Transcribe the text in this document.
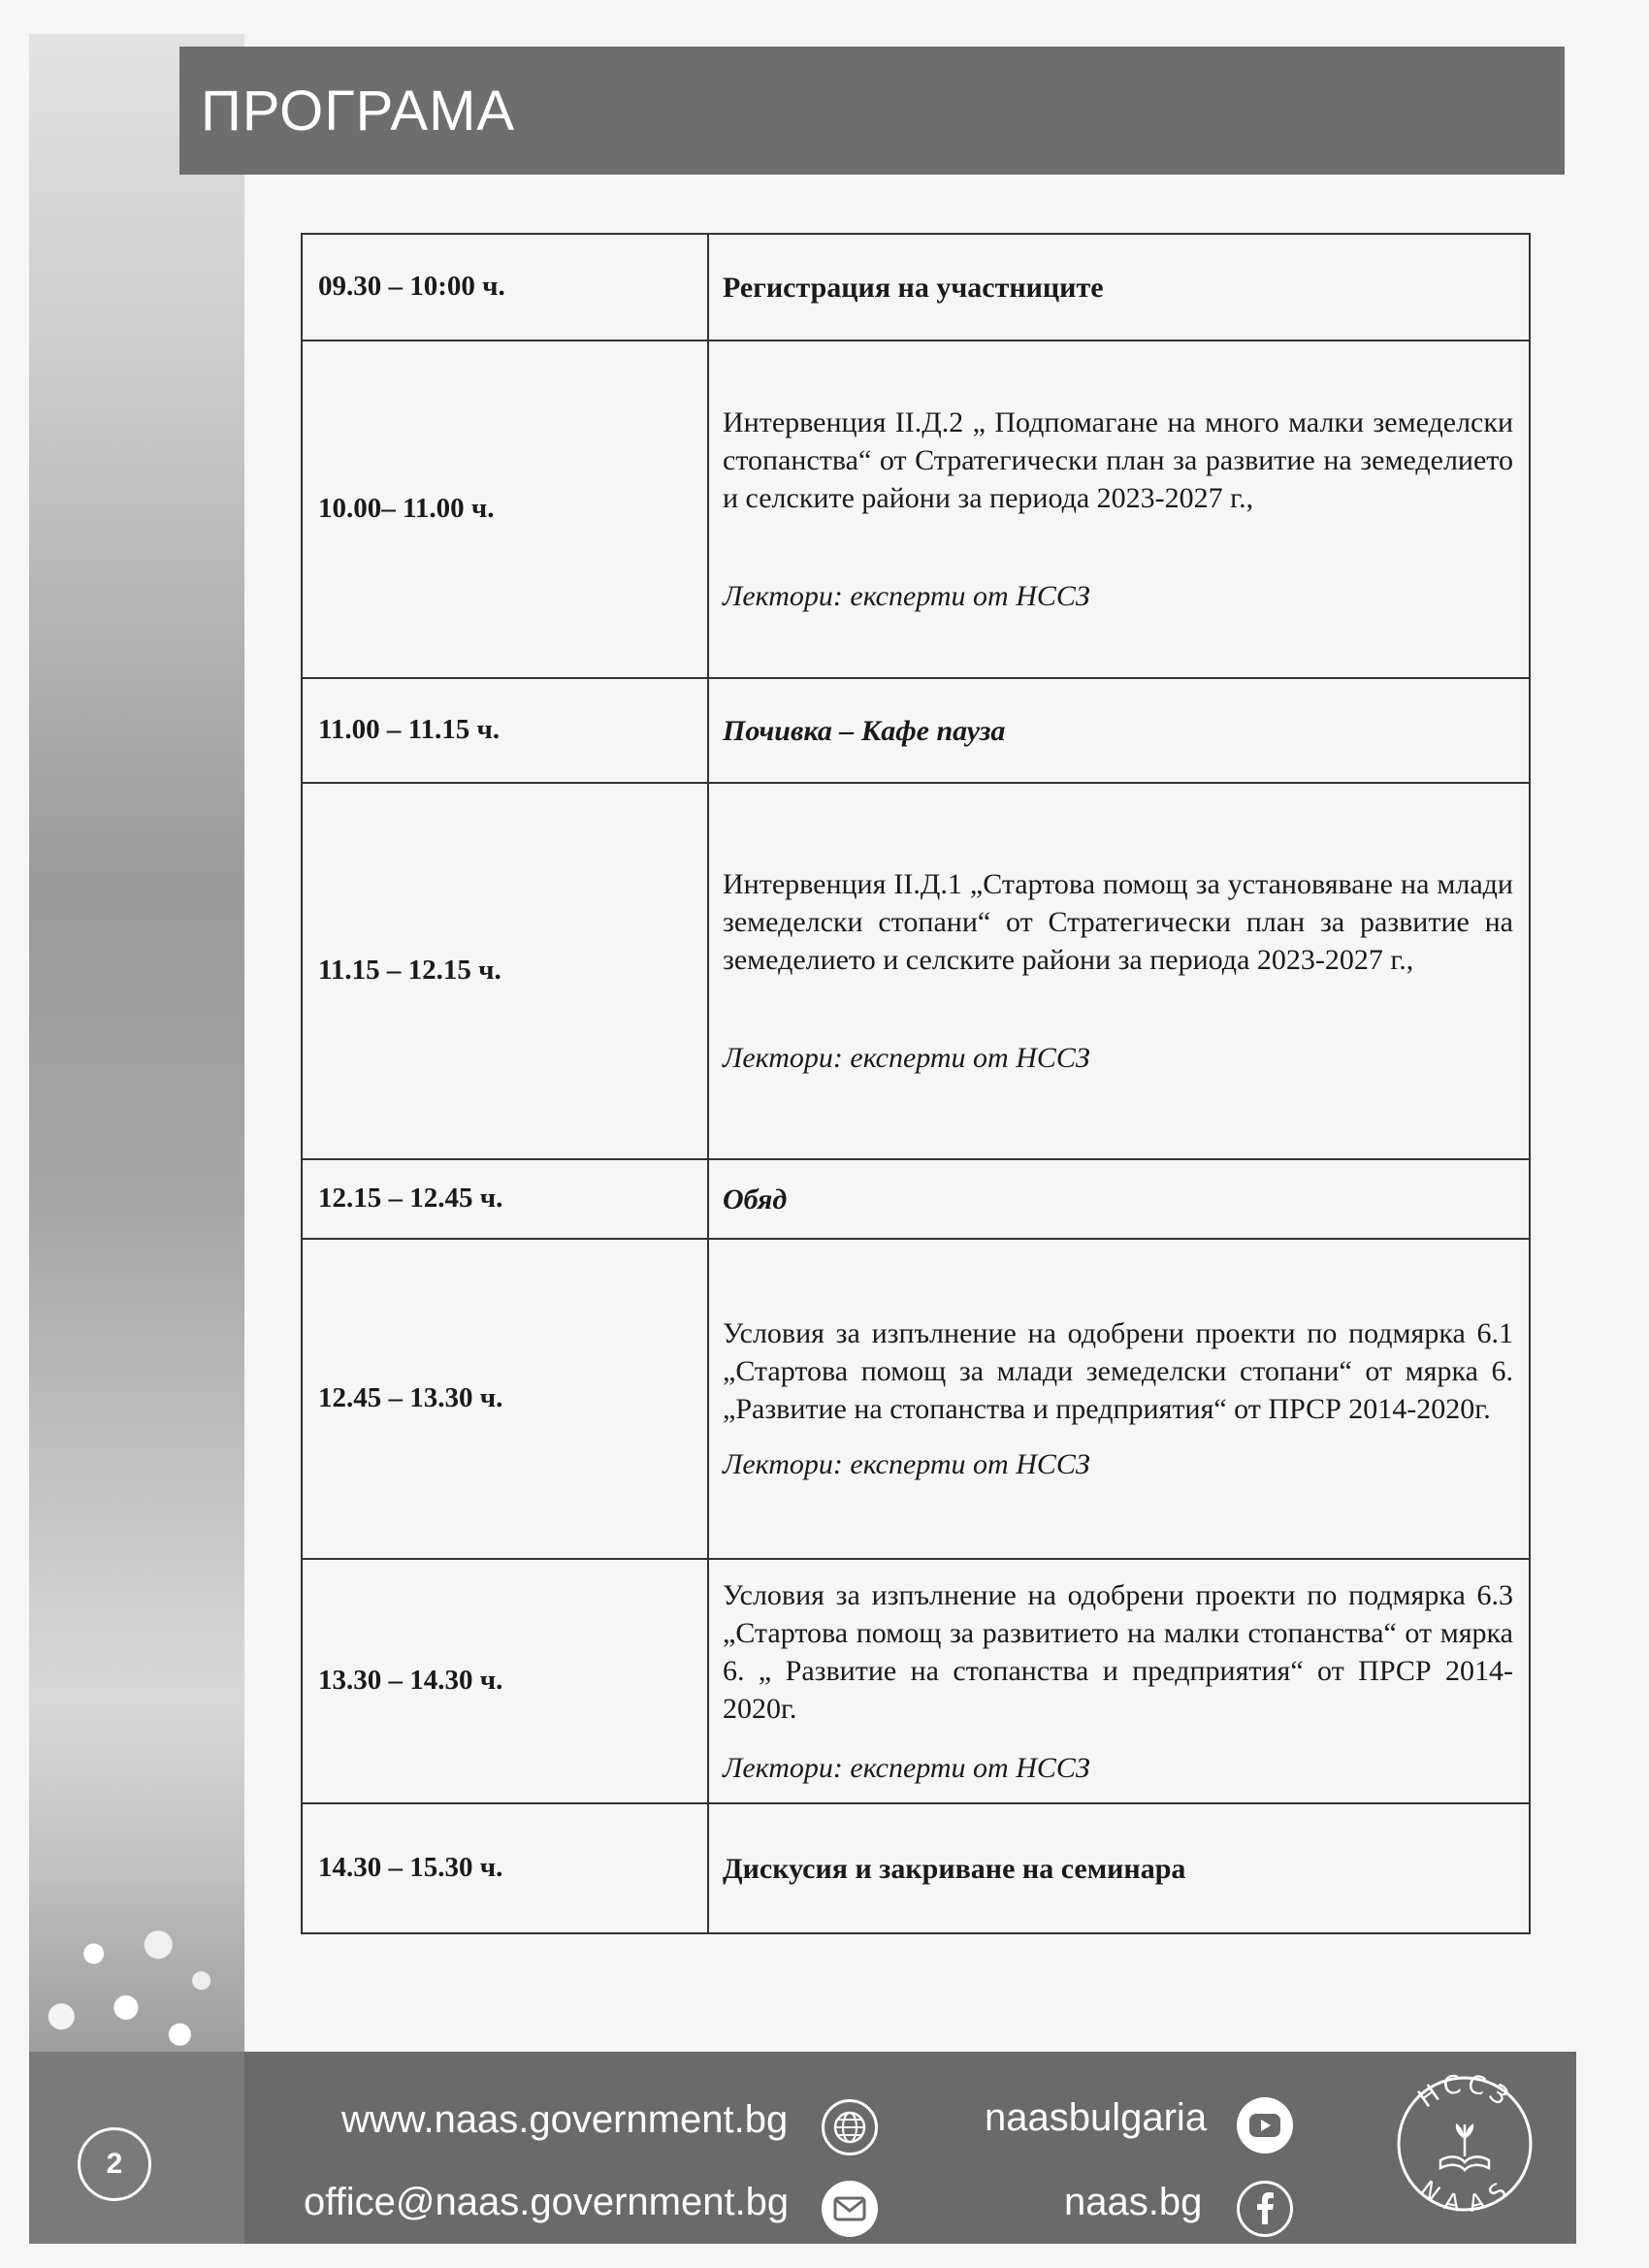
ПРОГРАМА
09.30 – 10:00 ч.	Регистрация на участниците
10.00– 11.00 ч.	Интервенция II.Д.2 „ Подпомагане на много малки земеделски стопанства“ от Стратегически план за развитие на земеделието и селските райони за периода 2023-2027 г.,
Лектори: експерти от НССЗ

11.00 – 11.15 ч.	Почивка – Кафе пауза
11.15 – 12.15 ч.	Интервенция II.Д.1 „Стартова помощ за установяване на млади земеделски стопани“ от Стратегически план за развитие на земеделието и селските райони за периода 2023-2027 г.,
Лектори: експерти от НССЗ

12.15 – 12.45 ч.	Обяд
12.45 – 13.30 ч.	Условия за изпълнение на одобрени проекти по подмярка 6.1 „Стартова помощ за млади земеделски стопани“ от мярка 6. „Развитие на стопанства и предприятия“ от ПРСР 2014-2020г.
Лектори: експерти от НССЗ

13.30 – 14.30 ч.	Условия за изпълнение на одобрени проекти по подмярка 6.3 „Стартова помощ за развитието на малки стопанства“ от мярка 6. „ Развитие на стопанства и предприятия“ от ПРСР 2014-2020г.
Лектори: експерти от НССЗ

14.30 – 15.30 ч.	Дискусия и закриване на семинара
2
www.naas.government.bg
office@naas.government.bg
naasbulgaria
naas.bg
НССЗ
NAAS
